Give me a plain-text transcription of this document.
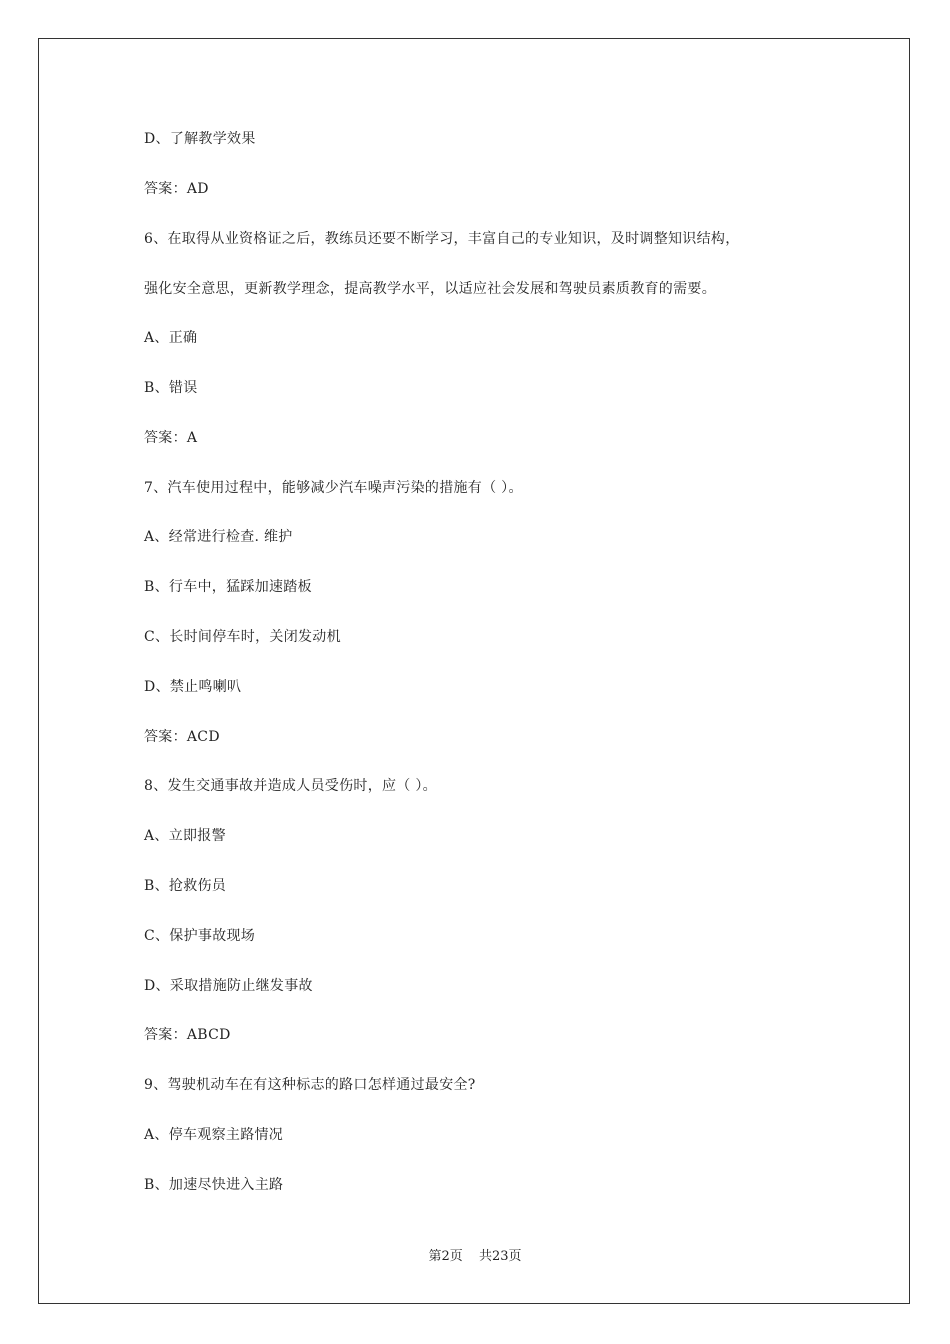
D、了解教学效果
答案：AD
6、在取得从业资格证之后，教练员还要不断学习，丰富自己的专业知识，及时调整知识结构，
强化安全意思，更新教学理念，提高教学水平，以适应社会发展和驾驶员素质教育的需要。
A、正确
B、错误
答案：A
7、汽车使用过程中，能够减少汽车噪声污染的措施有（ ）。
A、经常进行检查. 维护
B、行车中，猛踩加速踏板
C、长时间停车时，关闭发动机
D、禁止鸣喇叭
答案：ACD
8、发生交通事故并造成人员受伤时，应（ ）。
A、立即报警
B、抢救伤员
C、保护事故现场
D、采取措施防止继发事故
答案：ABCD
9、驾驶机动车在有这种标志的路口怎样通过最安全?
A、停车观察主路情况
B、加速尽快进入主路
第2页 共23页
